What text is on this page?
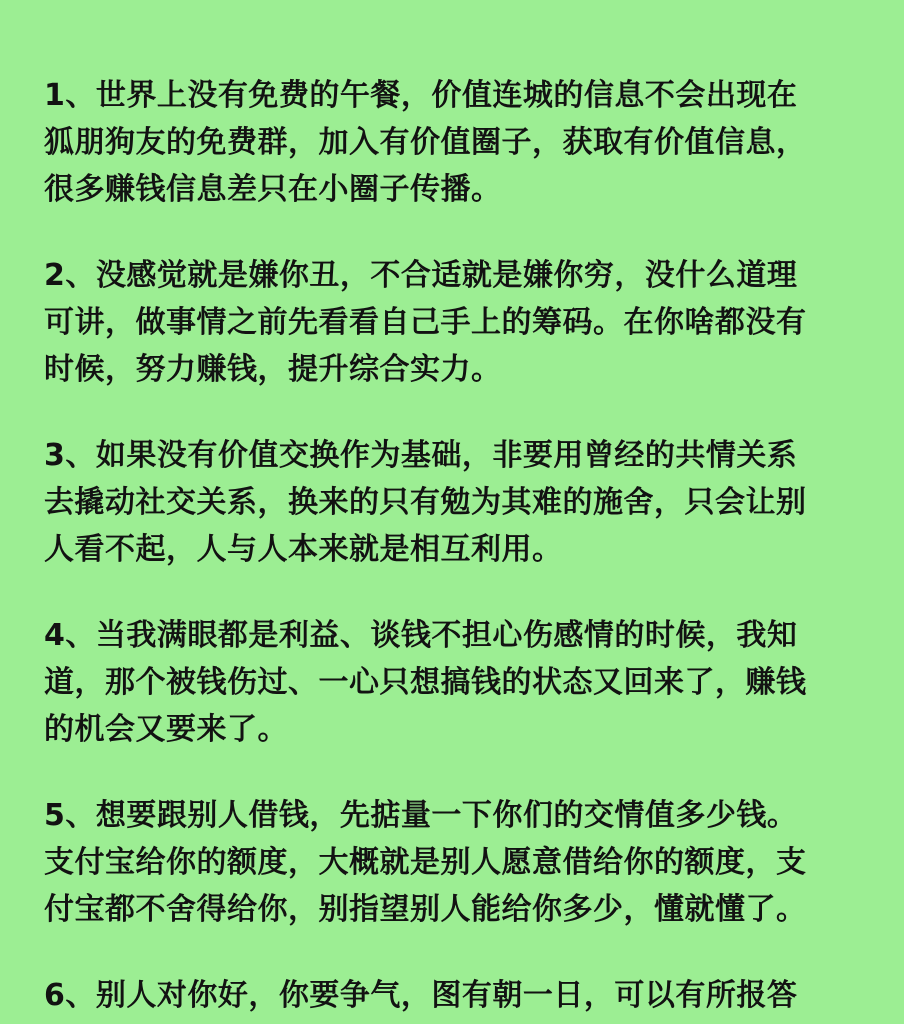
1、世界上没有免费的午餐，价值连城的信息不会出现在
狐朋狗友的免费群，加入有价值圈子，获取有价值信息，
很多赚钱信息差只在小圈子传播。
2、没感觉就是嫌你丑，不合适就是嫌你穷，没什么道理
可讲，做事情之前先看看自己手上的筹码。在你啥都没有
时候，努力赚钱，提升综合实力。
3、如果没有价值交换作为基础，非要用曾经的共情关系
去撬动社交关系，换来的只有勉为其难的施舍，只会让别
人看不起，人与人本来就是相互利用。
4、当我满眼都是利益、谈钱不担心伤感情的时候，我知
道，那个被钱伤过、一心只想搞钱的状态又回来了，赚钱
的机会又要来了。
5、想要跟别人借钱，先掂量一下你们的交情值多少钱。
支付宝给你的额度，大概就是别人愿意借给你的额度，支
付宝都不舍得给你，别指望别人能给你多少，懂就懂了。
6、别人对你好，你要争气，图有朝一日，可以有所报答
